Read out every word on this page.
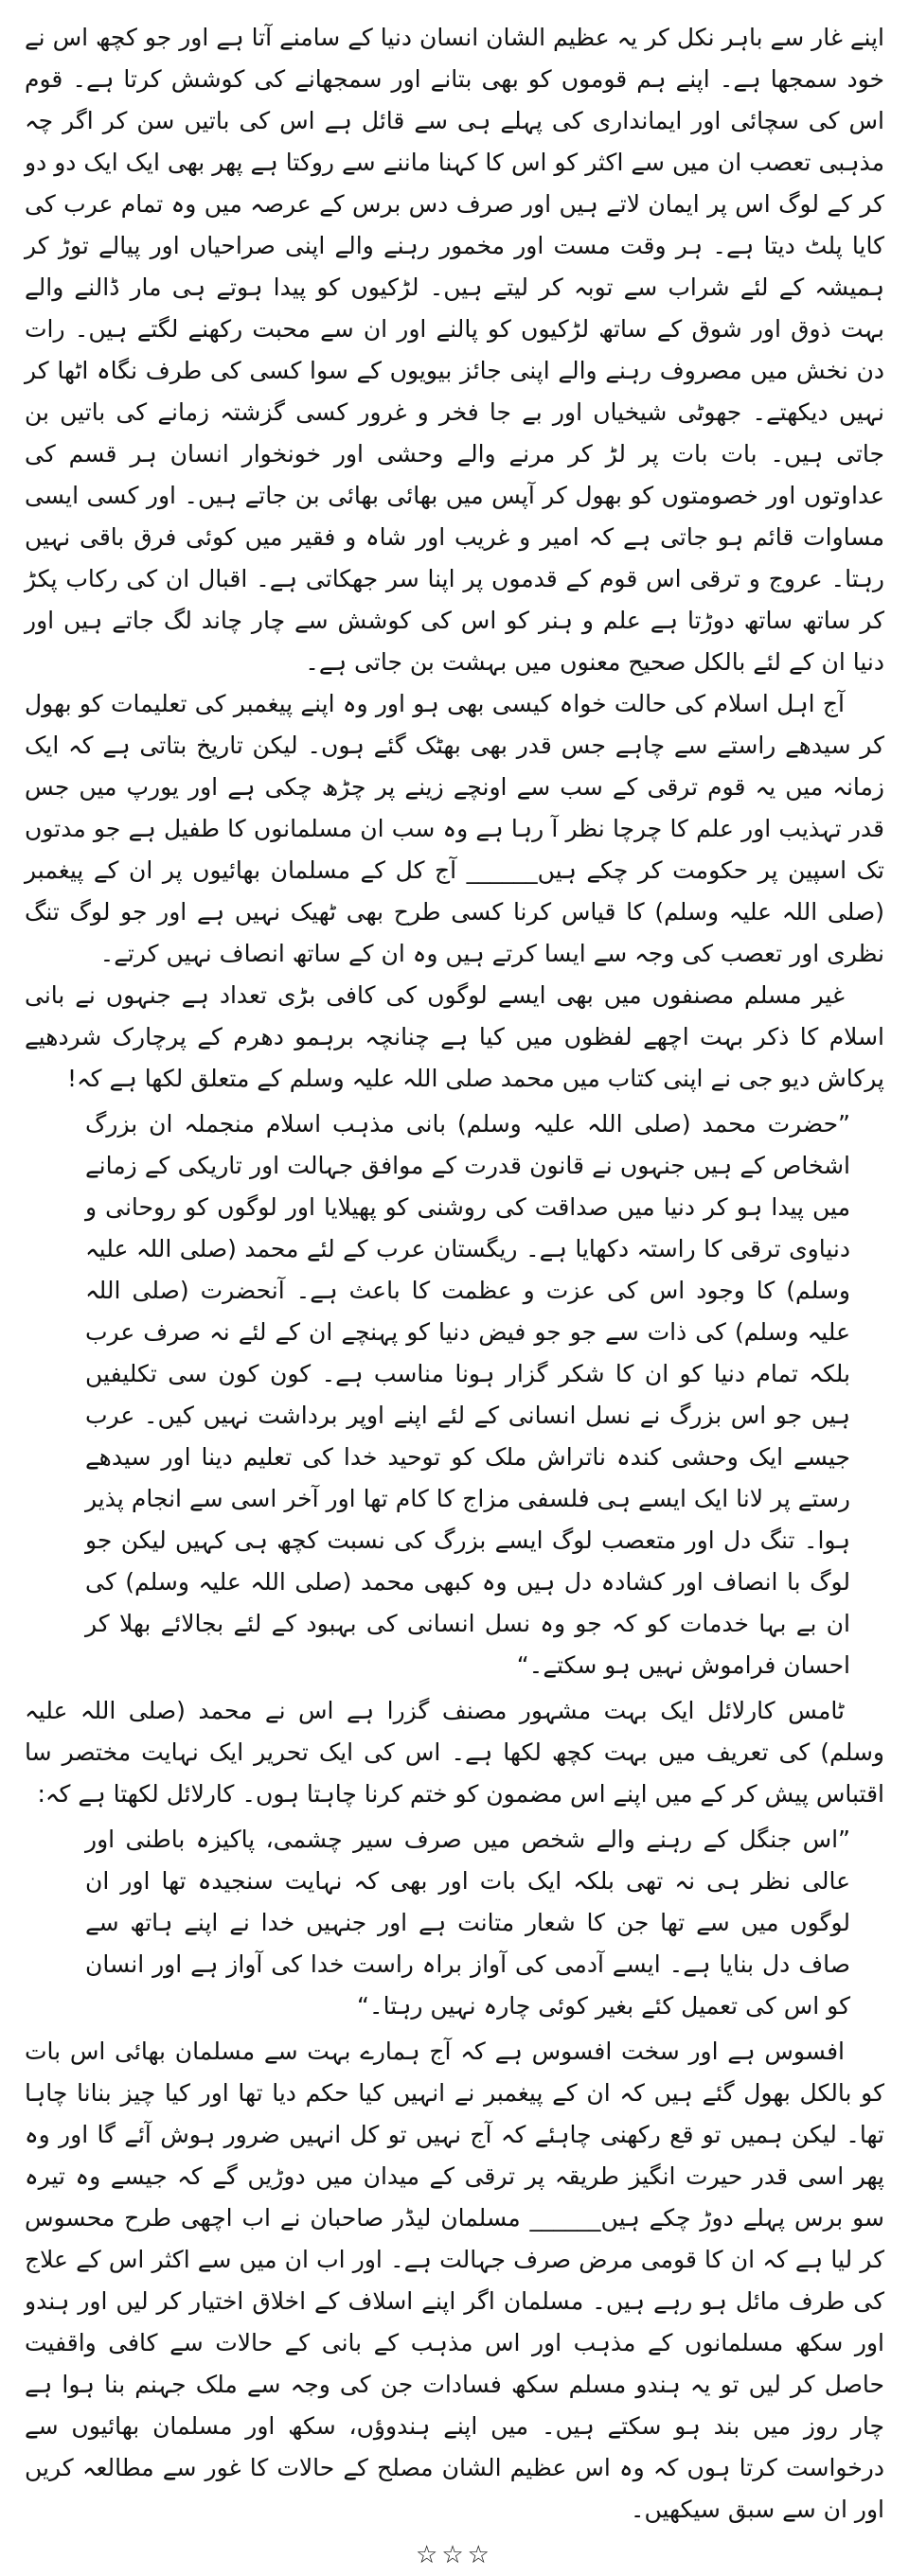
اپنے غار سے باہر نکل کر یہ عظیم الشان انسان دنیا کے سامنے آتا ہے اور جو کچھ اس نے خود سمجھا ہے۔ اپنے ہم قوموں کو بھی بتانے اور سمجھانے کی کوشش کرتا ہے۔ قوم اس کی سچائی اور ایمانداری کی پہلے ہی سے قائل ہے اس کی باتیں سن کر اگر چہ مذہبی تعصب ان میں سے اکثر کو اس کا کہنا ماننے سے روکتا ہے پھر بھی ایک ایک دو دو کر کے لوگ اس پر ایمان لاتے ہیں اور صرف دس برس کے عرصہ میں وہ تمام عرب کی کایا پلٹ دیتا ہے۔ ہر وقت مست اور مخمور رہنے والے اپنی صراحیاں اور پیالے توڑ کر ہمیشہ کے لئے شراب سے توبہ کر لیتے ہیں۔ لڑکیوں کو پیدا ہوتے ہی مار ڈالنے والے بہت ذوق اور شوق کے ساتھ لڑکیوں کو پالنے اور ان سے محبت رکھنے لگتے ہیں۔ رات دن نخش میں مصروف رہنے والے اپنی جائز بیویوں کے سوا کسی کی طرف نگاہ اٹھا کر نہیں دیکھتے۔ جھوٹی شیخیاں اور بے جا فخر و غرور کسی گزشتہ زمانے کی باتیں بن جاتی ہیں۔ بات بات پر لڑ کر مرنے والے وحشی اور خونخوار انسان ہر قسم کی عداوتوں اور خصومتوں کو بھول کر آپس میں بھائی بھائی بن جاتے ہیں۔ اور کسی ایسی مساوات قائم ہو جاتی ہے کہ امیر و غریب اور شاہ و فقیر میں کوئی فرق باقی نہیں رہتا۔ عروج و ترقی اس قوم کے قدموں پر اپنا سر جھکاتی ہے۔ اقبال ان کی رکاب پکڑ کر ساتھ ساتھ دوڑتا ہے علم و ہنر کو اس کی کوشش سے چار چاند لگ جاتے ہیں اور دنیا ان کے لئے بالکل صحیح معنوں میں بہشت بن جاتی ہے۔

آج اہل اسلام کی حالت خواہ کیسی بھی ہو اور وہ اپنے پیغمبر کی تعلیمات کو بھول کر سیدھے راستے سے چاہے جس قدر بھی بھٹک گئے ہوں۔ لیکن تاریخ بتاتی ہے کہ ایک زمانہ میں یہ قوم ترقی کے سب سے اونچے زینے پر چڑھ چکی ہے اور یورپ میں جس قدر تہذیب اور علم کا چرچا نظر آ رہا ہے وہ سب ان مسلمانوں کا طفیل ہے جو مدتوں تک اسپین پر حکومت کر چکے ہیں______ آج کل کے مسلمان بھائیوں پر ان کے پیغمبر (صلی اللہ علیہ وسلم) کا قیاس کرنا کسی طرح بھی ٹھیک نہیں ہے اور جو لوگ تنگ نظری اور تعصب کی وجہ سے ایسا کرتے ہیں وہ ان کے ساتھ انصاف نہیں کرتے۔

غیر مسلم مصنفوں میں بھی ایسے لوگوں کی کافی بڑی تعداد ہے جنہوں نے بانی اسلام کا ذکر بہت اچھے لفظوں میں کیا ہے چنانچہ برہمو دھرم کے پرچارک شردھیے پرکاش دیو جی نے اپنی کتاب میں محمد صلی اللہ علیہ وسلم کے متعلق لکھا ہے کہ!

”حضرت محمد (صلی اللہ علیہ وسلم) بانی مذہب اسلام منجملہ ان بزرگ اشخاص کے ہیں جنہوں نے قانون قدرت کے موافق جہالت اور تاریکی کے زمانے میں پیدا ہو کر دنیا میں صداقت کی روشنی کو پھیلایا اور لوگوں کو روحانی و دنیاوی ترقی کا راستہ دکھایا ہے۔ ریگستان عرب کے لئے محمد (صلی اللہ علیہ وسلم) کا وجود اس کی عزت و عظمت کا باعث ہے۔ آنحضرت (صلی اللہ علیہ وسلم) کی ذات سے جو جو فیض دنیا کو پہنچے ان کے لئے نہ صرف عرب بلکہ تمام دنیا کو ان کا شکر گزار ہونا مناسب ہے۔ کون کون سی تکلیفیں ہیں جو اس بزرگ نے نسل انسانی کے لئے اپنے اوپر برداشت نہیں کیں۔ عرب جیسے ایک وحشی کندہ ناتراش ملک کو توحید خدا کی تعلیم دینا اور سیدھے رستے پر لانا ایک ایسے ہی فلسفی مزاج کا کام تھا اور آخر اسی سے انجام پذیر ہوا۔ تنگ دل اور متعصب لوگ ایسے بزرگ کی نسبت کچھ ہی کہیں لیکن جو لوگ با انصاف اور کشادہ دل ہیں وہ کبھی محمد (صلی اللہ علیہ وسلم) کی ان بے بہا خدمات کو کہ جو وہ نسل انسانی کی بہبود کے لئے بجالائے بھلا کر احسان فراموش نہیں ہو سکتے۔“

ٹامس کارلائل ایک بہت مشہور مصنف گزرا ہے اس نے محمد (صلی اللہ علیہ وسلم) کی تعریف میں بہت کچھ لکھا ہے۔ اس کی ایک تحریر ایک نہایت مختصر سا اقتباس پیش کر کے میں اپنے اس مضمون کو ختم کرنا چاہتا ہوں۔ کارلائل لکھتا ہے کہ:

”اس جنگل کے رہنے والے شخص میں صرف سیر چشمی، پاکیزہ باطنی اور عالی نظر ہی نہ تھی بلکہ ایک بات اور بھی کہ نہایت سنجیدہ تھا اور ان لوگوں میں سے تھا جن کا شعار متانت ہے اور جنہیں خدا نے اپنے ہاتھ سے صاف دل بنایا ہے۔ ایسے آدمی کی آواز براہ راست خدا کی آواز ہے اور انسان کو اس کی تعمیل کئے بغیر کوئی چارہ نہیں رہتا۔“

افسوس ہے اور سخت افسوس ہے کہ آج ہمارے بہت سے مسلمان بھائی اس بات کو بالکل بھول گئے ہیں کہ ان کے پیغمبر نے انہیں کیا حکم دیا تھا اور کیا چیز بنانا چاہا تھا۔ لیکن ہمیں تو قع رکھنی چاہئے کہ آج نہیں تو کل انہیں ضرور ہوش آئے گا اور وہ پھر اسی قدر حیرت انگیز طریقہ پر ترقی کے میدان میں دوڑیں گے کہ جیسے وہ تیرہ سو برس پہلے دوڑ چکے ہیں______ مسلمان لیڈر صاحبان نے اب اچھی طرح محسوس کر لیا ہے کہ ان کا قومی مرض صرف جہالت ہے۔ اور اب ان میں سے اکثر اس کے علاج کی طرف مائل ہو رہے ہیں۔ مسلمان اگر اپنے اسلاف کے اخلاق اختیار کر لیں اور ہندو اور سکھ مسلمانوں کے مذہب اور اس مذہب کے بانی کے حالات سے کافی واقفیت حاصل کر لیں تو یہ ہندو مسلم سکھ فسادات جن کی وجہ سے ملک جہنم بنا ہوا ہے چار روز میں بند ہو سکتے ہیں۔ میں اپنے ہندوؤں، سکھ اور مسلمان بھائیوں سے درخواست کرتا ہوں کہ وہ اس عظیم الشان مصلح کے حالات کا غور سے مطالعہ کریں اور ان سے سبق سیکھیں۔

☆☆☆
